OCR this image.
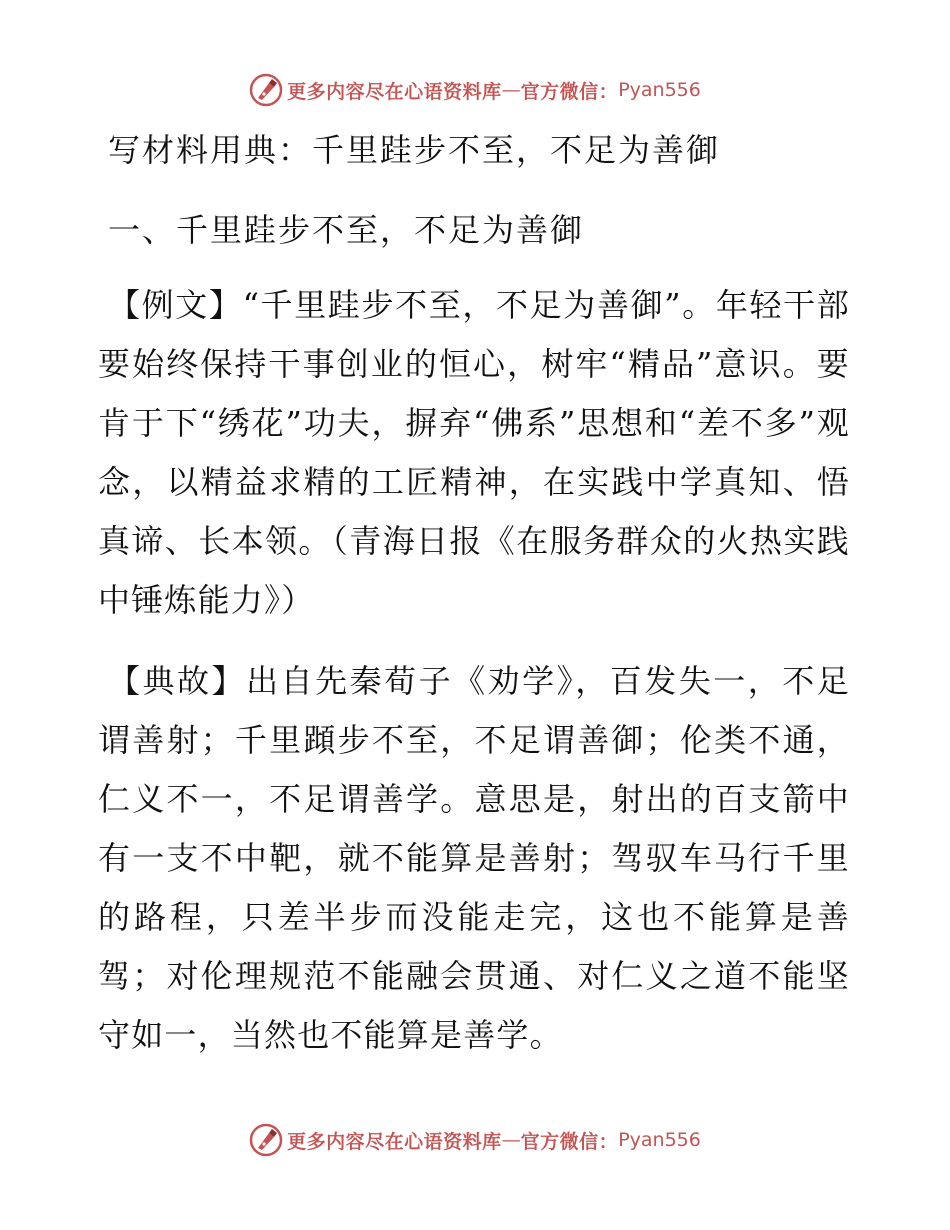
更多内容尽在心语资料库 — 官方微信： Pyan556
写材料用典：千里跬步不至，不足为善御
一、千里跬步不至，不足为善御

【例文】“千里跬步不至，不足为善御”。年轻干部要始终保持干事创业的恒心，树牢“精品”意识。要肯于下“绣花”功夫，摒弃“佛系”思想和“差不多”观念，以精益求精的工匠精神，在实践中学真知、悟真谛、长本领。（青海日报《在服务群众的火热实践中锤炼能力》）

【典故】出自先秦荀子《劝学》，百发失一，不足谓善射；千里蹞步不至，不足谓善御；伦类不通，仁义不一，不足谓善学。意思是，射出的百支箭中有一支不中靶，就不能算是善射；驾驭车马行千里的路程，只差半步而没能走完，这也不能算是善驾；对伦理规范不能融会贯通、对仁义之道不能坚守如一，当然也不能算是善学。

更多内容尽在心语资料库 — 官方微信： Pyan556
